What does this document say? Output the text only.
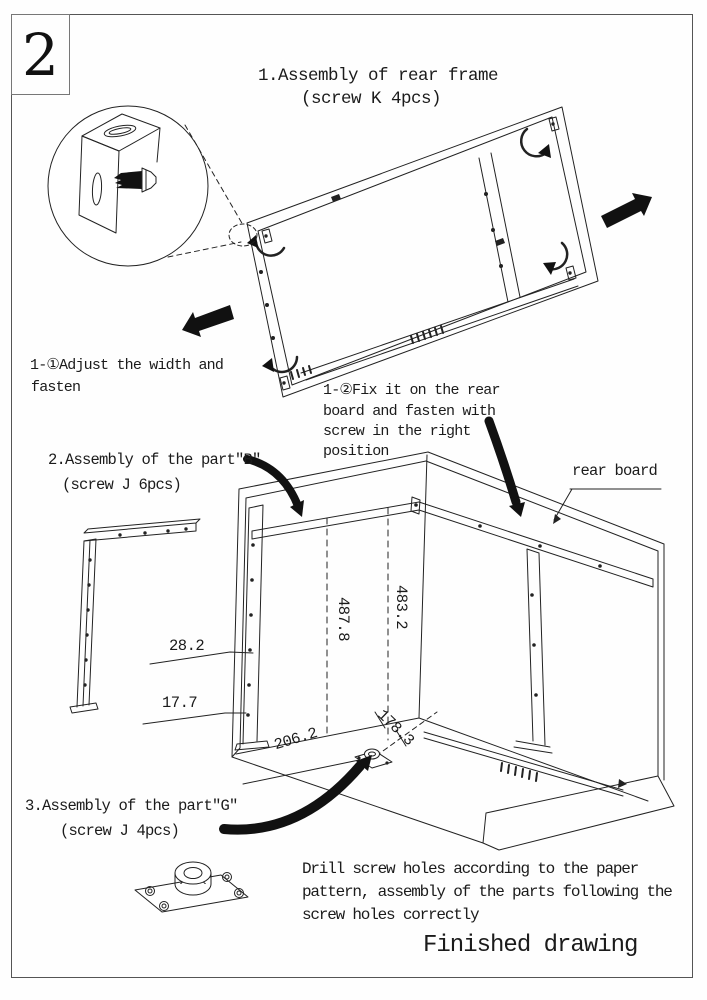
2	1.Assembly of rear frame
(screw K 4pcs)
1-①Adjust the width and
fasten	1-②Fix it on the rear
board and fasten with
screw in the right
position
2.Assembly of the part″B″
(screw J 6pcs)
rear board
3.Assembly of the part″G″
(screw J 4pcs)
Drill screw holes according to the paper
pattern, assembly of the parts following the
screw holes correctly
Finished drawing
28.2
17.7
487.8	483.2
206.2	178.3
